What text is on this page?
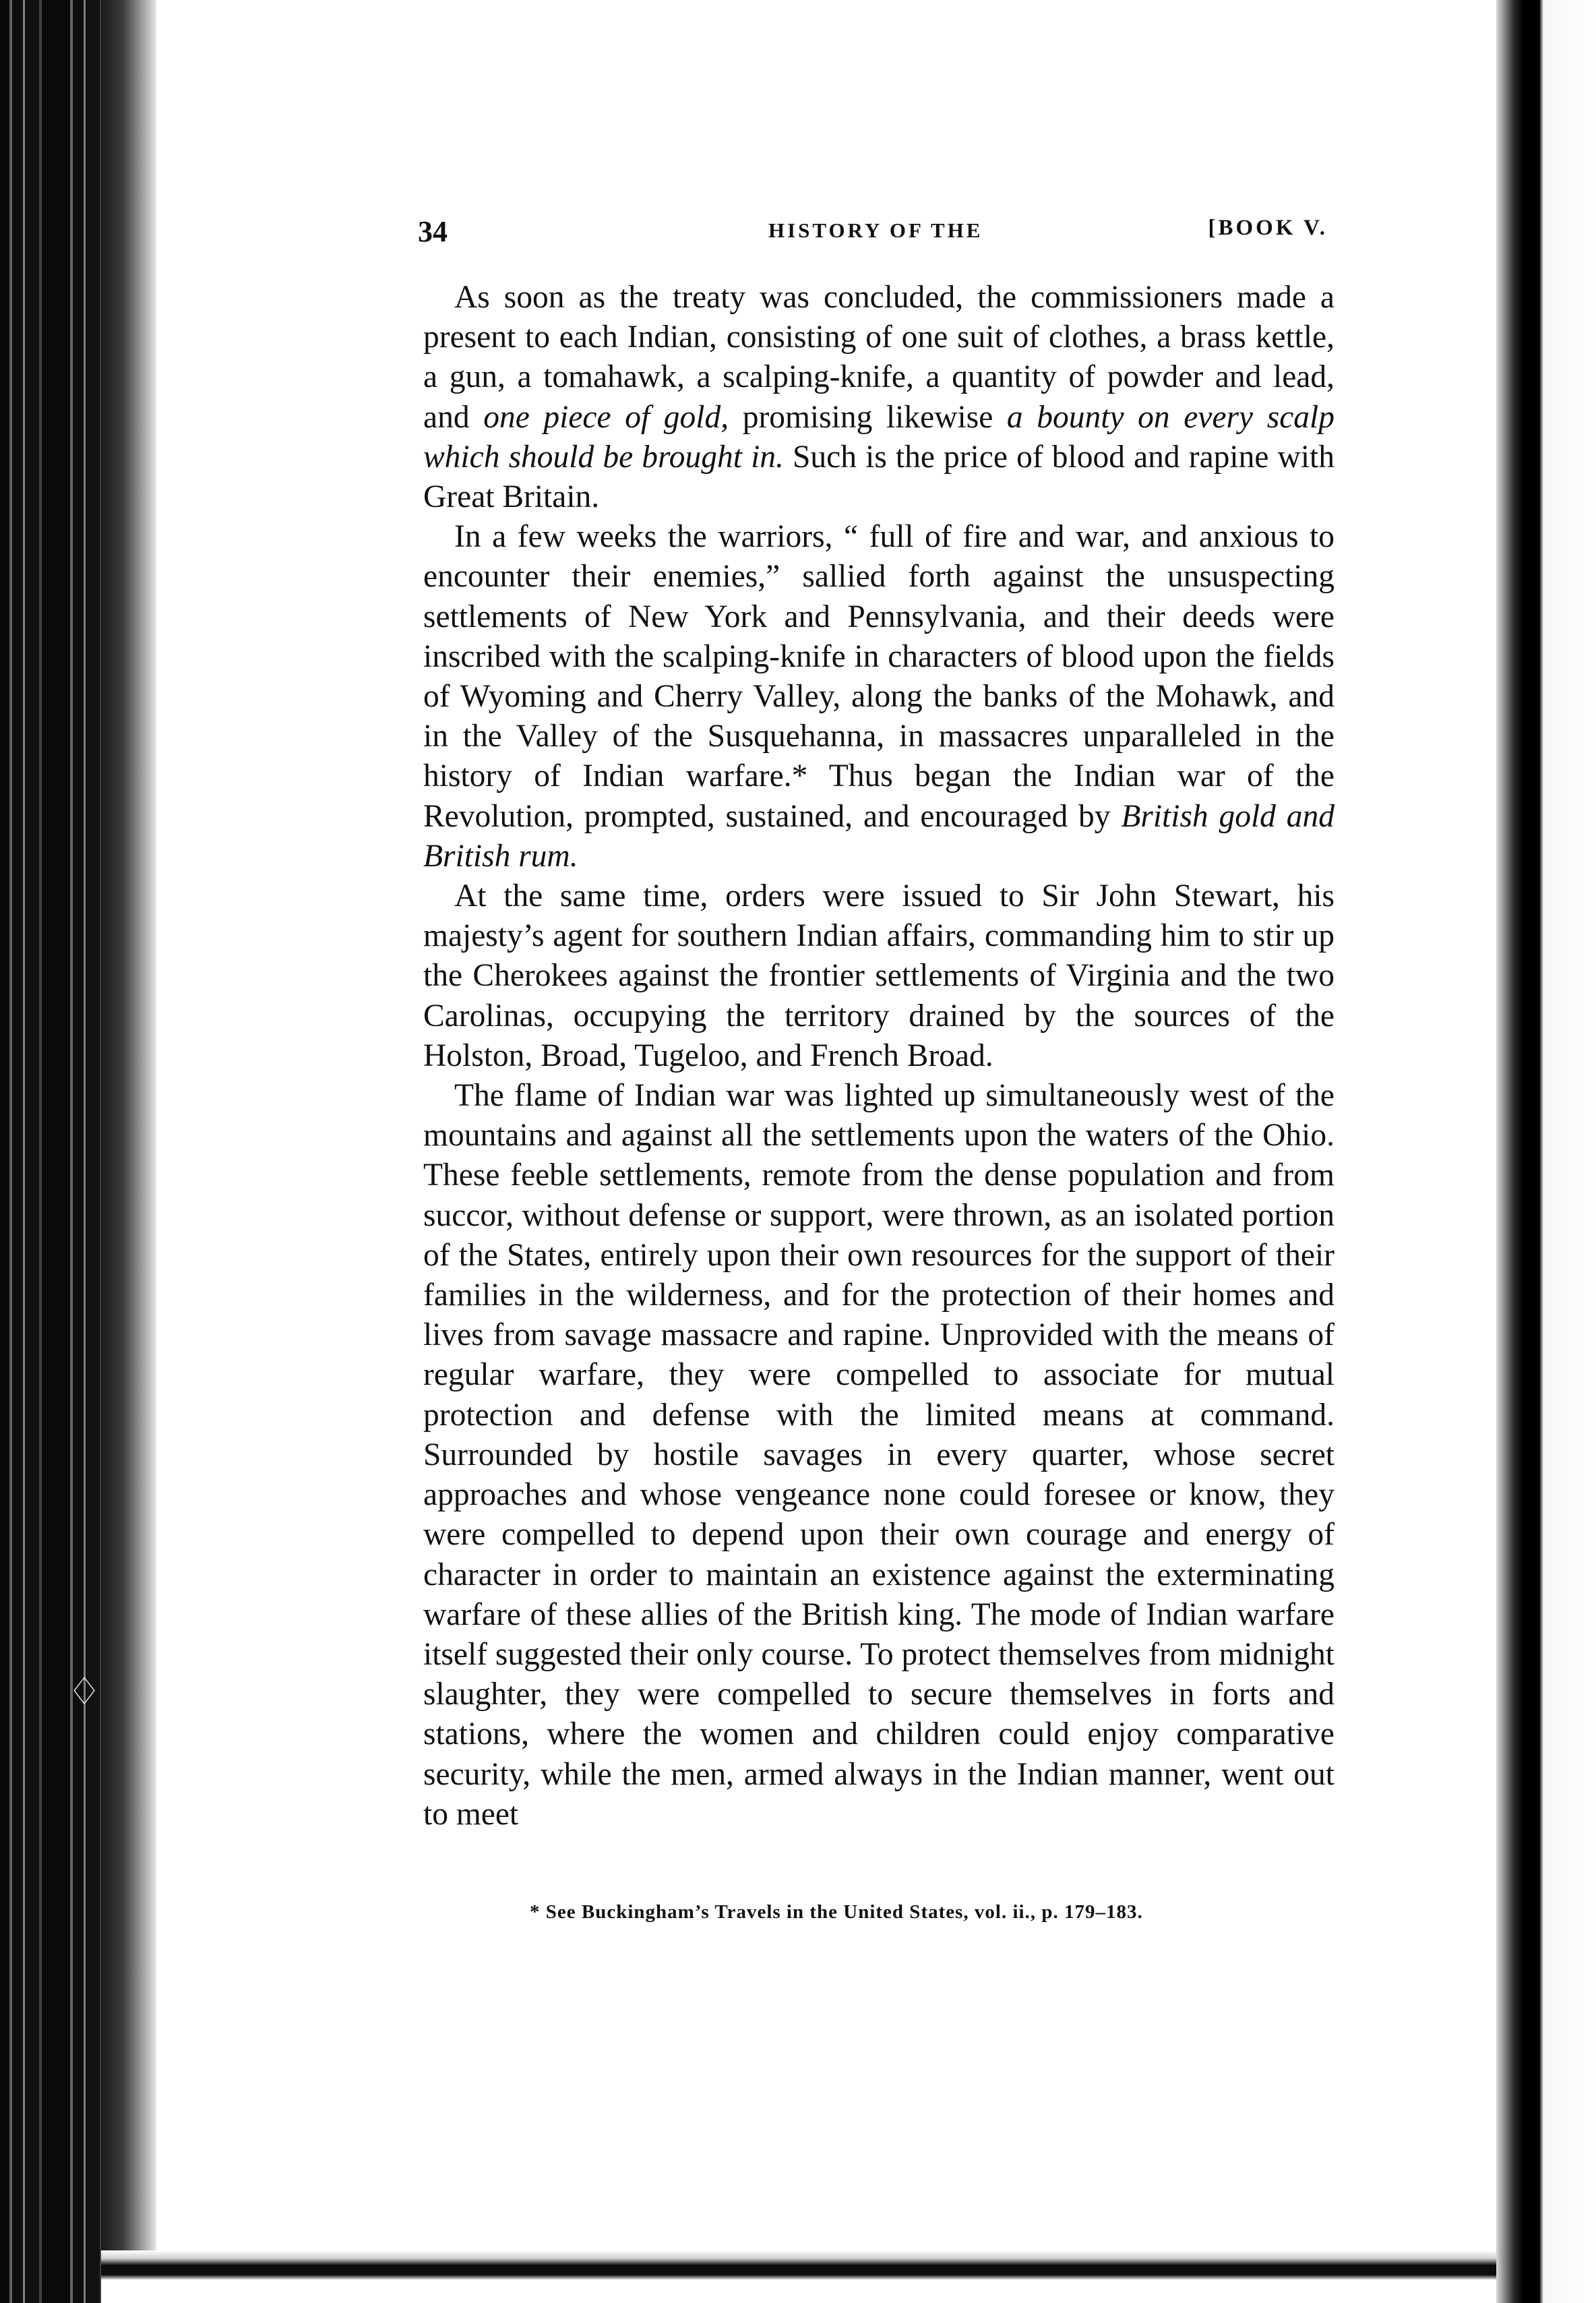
♢
34	HISTORY OF THE	[BOOK V.

As soon as the treaty was concluded, the commissioners made a present to each Indian, consisting of one suit of clothes, a brass kettle, a gun, a tomahawk, a scalping-knife, a quantity of powder and lead, and one piece of gold, promising likewise a bounty on every scalp which should be brought in. Such is the price of blood and rapine with Great Britain.

In a few weeks the warriors, “ full of fire and war, and anxious to encounter their enemies,” sallied forth against the unsuspecting settlements of New York and Pennsylvania, and their deeds were inscribed with the scalping-knife in characters of blood upon the fields of Wyoming and Cherry Valley, along the banks of the Mohawk, and in the Valley of the Susquehanna, in massacres unparalleled in the history of Indian warfare.* Thus began the Indian war of the Revolution, prompted, sustained, and encouraged by British gold and British rum.

At the same time, orders were issued to Sir John Stewart, his majesty’s agent for southern Indian affairs, commanding him to stir up the Cherokees against the frontier settlements of Virginia and the two Carolinas, occupying the territory drained by the sources of the Holston, Broad, Tugeloo, and French Broad.

The flame of Indian war was lighted up simultaneously west of the mountains and against all the settlements upon the waters of the Ohio. These feeble settlements, remote from the dense population and from succor, without defense or support, were thrown, as an isolated portion of the States, entirely upon their own resources for the support of their families in the wilderness, and for the protection of their homes and lives from savage massacre and rapine. Unprovided with the means of regular warfare, they were compelled to associate for mutual protection and defense with the limited means at command. Surrounded by hostile savages in every quarter, whose secret approaches and whose vengeance none could foresee or know, they were compelled to depend upon their own courage and energy of character in order to maintain an existence against the exterminating warfare of these allies of the British king. The mode of Indian warfare itself suggested their only course. To protect themselves from midnight slaughter, they were compelled to secure themselves in forts and stations, where the women and children could enjoy comparative security, while the men, armed always in the Indian manner, went out to meet

* See Buckingham’s Travels in the United States, vol. ii., p. 179–183.
